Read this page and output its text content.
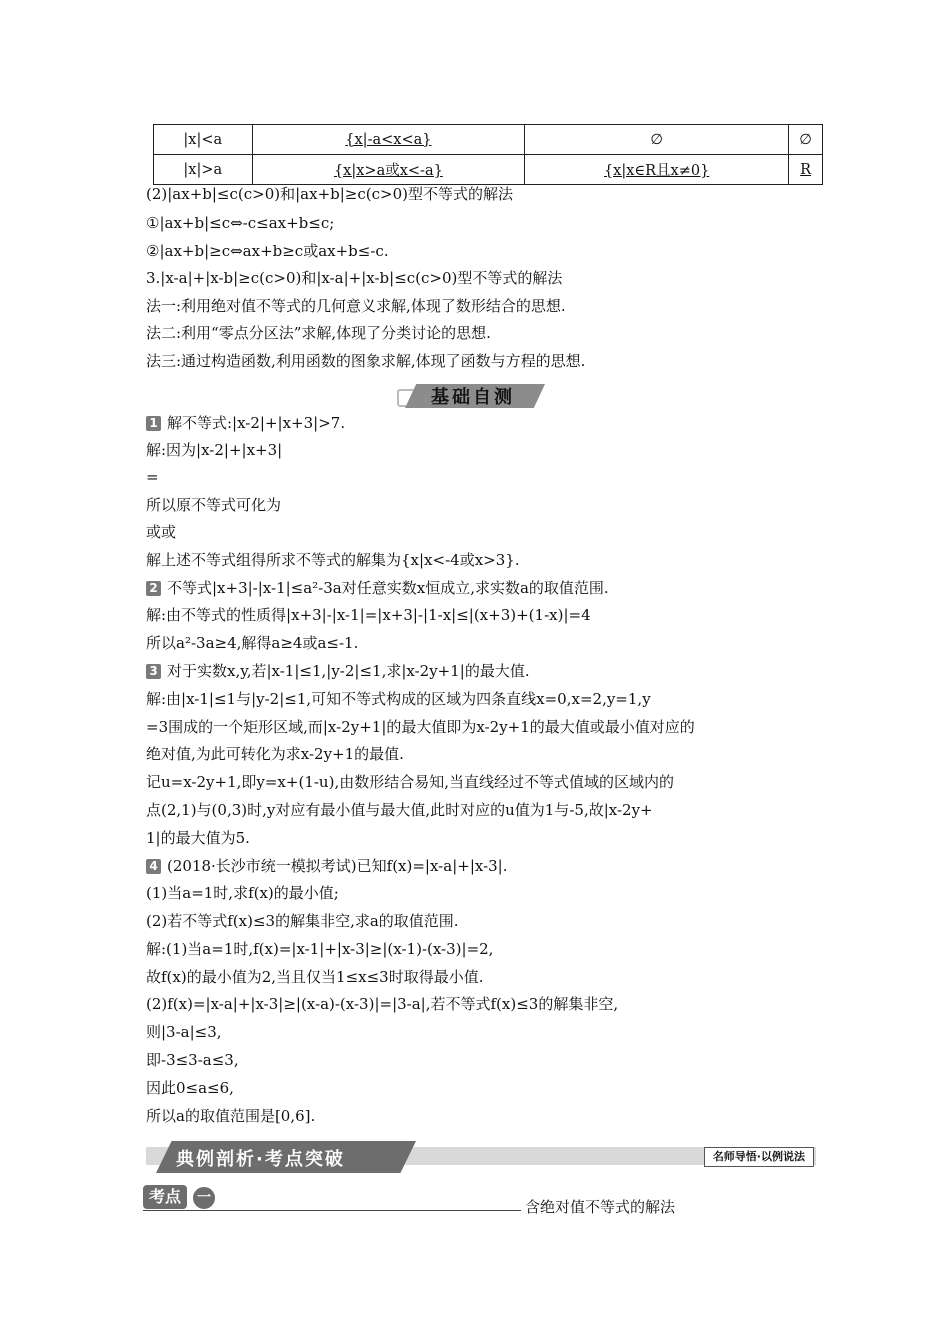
|x|<a	{x|-a<x<a}	∅	∅
|x|>a	{x|x>a或x<-a}	{x|x∈R且x≠0}	R
(2)|ax+b|≤c(c>0)和|ax+b|≥c(c>0)型不等式的解法
①|ax+b|≤c⇔-c≤ax+b≤c;
②|ax+b|≥c⇔ax+b≥c或ax+b≤-c.
3.|x-a|+|x-b|≥c(c>0)和|x-a|+|x-b|≤c(c>0)型不等式的解法
法一:利用绝对值不等式的几何意义求解,体现了数形结合的思想.
法二:利用“零点分区法”求解,体现了分类讨论的思想.
法三:通过构造函数,利用函数的图象求解,体现了函数与方程的思想.
基础自测
1 解不等式:|x-2|+|x+3|>7.
解:因为|x-2|+|x+3|
=
所以原不等式可化为
或或
解上述不等式组得所求不等式的解集为{x|x<-4或x>3}.
2 不等式|x+3|-|x-1|≤a²-3a对任意实数x恒成立,求实数a的取值范围.
解:由不等式的性质得|x+3|-|x-1|=|x+3|-|1-x|≤|(x+3)+(1-x)|=4
所以a²-3a≥4,解得a≥4或a≤-1.
3 对于实数x,y,若|x-1|≤1,|y-2|≤1,求|x-2y+1|的最大值.
解:由|x-1|≤1与|y-2|≤1,可知不等式构成的区域为四条直线x=0,x=2,y=1,y
=3围成的一个矩形区域,而|x-2y+1|的最大值即为x-2y+1的最大值或最小值对应的
绝对值,为此可转化为求x-2y+1的最值.
记u=x-2y+1,即y=x+(1-u),由数形结合易知,当直线经过不等式值域的区域内的
点(2,1)与(0,3)时,y对应有最小值与最大值,此时对应的u值为1与-5,故|x-2y+
1|的最大值为5.
4 (2018·长沙市统一模拟考试)已知f(x)=|x-a|+|x-3|.
(1)当a=1时,求f(x)的最小值;
(2)若不等式f(x)≤3的解集非空,求a的取值范围.
解:(1)当a=1时,f(x)=|x-1|+|x-3|≥|(x-1)-(x-3)|=2,
故f(x)的最小值为2,当且仅当1≤x≤3时取得最小值.
(2)f(x)=|x-a|+|x-3|≥|(x-a)-(x-3)|=|3-a|,若不等式f(x)≤3的解集非空,
则|3-a|≤3,
即-3≤3-a≤3,
因此0≤a≤6,
所以a的取值范围是[0,6].
典例剖析·考点突破	名师导悟·以例说法
考点	一	含绝对值不等式的解法
